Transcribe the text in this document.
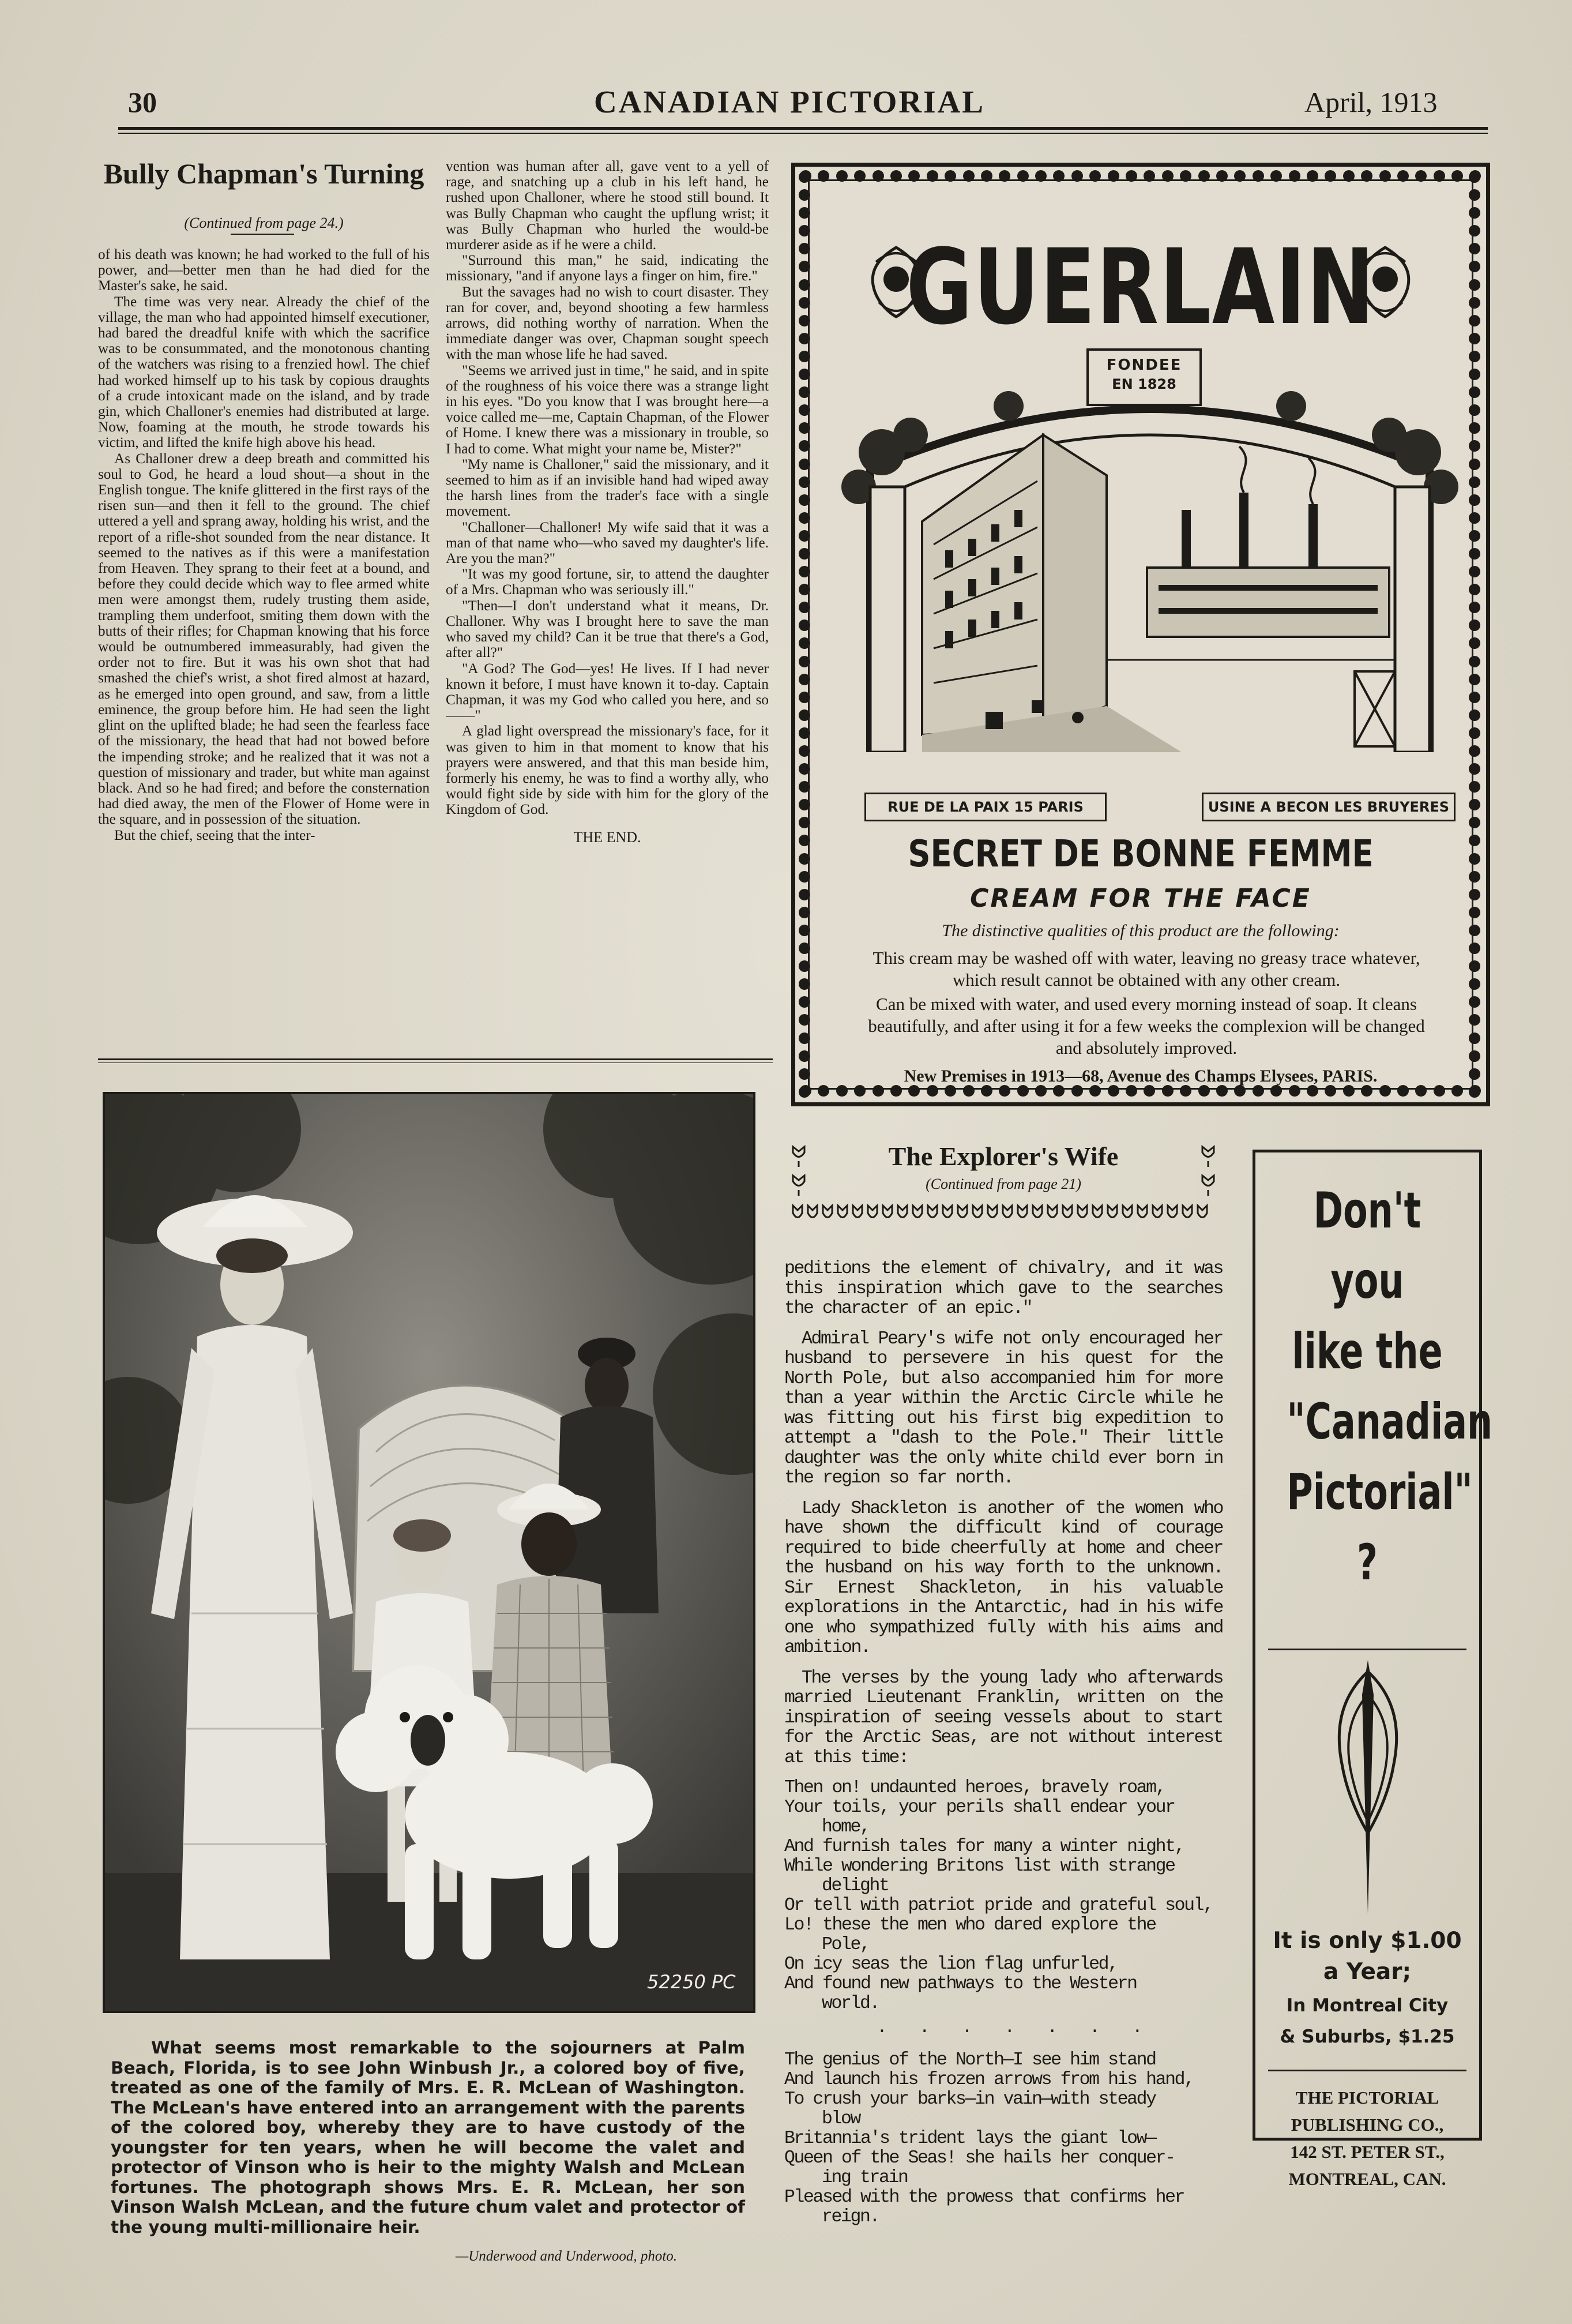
30	CANADIAN PICTORIAL	April, 1913
Bully Chapman's Turning
(Continued from page 24.)

of his death was known; he had worked to the full of his power, and—better men than he had died for the Master's sake, he said.

The time was very near. Already the chief of the village, the man who had appointed himself executioner, had bared the dreadful knife with which the sacrifice was to be consummated, and the monotonous chanting of the watchers was rising to a frenzied howl. The chief had worked himself up to his task by copious draughts of a crude intoxicant made on the island, and by trade gin, which Challoner's enemies had distributed at large. Now, foaming at the mouth, he strode towards his victim, and lifted the knife high above his head.

As Challoner drew a deep breath and committed his soul to God, he heard a loud shout—a shout in the English tongue. The knife glittered in the first rays of the risen sun—and then it fell to the ground. The chief uttered a yell and sprang away, holding his wrist, and the report of a rifle-shot sounded from the near distance. It seemed to the natives as if this were a manifestation from Heaven. They sprang to their feet at a bound, and before they could decide which way to flee armed white men were amongst them, rudely trusting them aside, trampling them underfoot, smiting them down with the butts of their rifles; for Chapman knowing that his force would be outnumbered immeasurably, had given the order not to fire. But it was his own shot that had smashed the chief's wrist, a shot fired almost at hazard, as he emerged into open ground, and saw, from a little eminence, the group before him. He had seen the light glint on the uplifted blade; he had seen the fearless face of the missionary, the head that had not bowed before the impending stroke; and he realized that it was not a question of missionary and trader, but white man against black. And so he had fired; and before the consternation had died away, the men of the Flower of Home were in the square, and in possession of the situation.

But the chief, seeing that the inter-

vention was human after all, gave vent to a yell of rage, and snatching up a club in his left hand, he rushed upon Challoner, where he stood still bound. It was Bully Chapman who caught the upflung wrist; it was Bully Chapman who hurled the would-be murderer aside as if he were a child.

"Surround this man," he said, indicating the missionary, "and if anyone lays a finger on him, fire."

But the savages had no wish to court disaster. They ran for cover, and, beyond shooting a few harmless arrows, did nothing worthy of narration. When the immediate danger was over, Chapman sought speech with the man whose life he had saved.

"Seems we arrived just in time," he said, and in spite of the roughness of his voice there was a strange light in his eyes. "Do you know that I was brought here—a voice called me—me, Captain Chapman, of the Flower of Home. I knew there was a missionary in trouble, so I had to come. What might your name be, Mister?"

"My name is Challoner," said the missionary, and it seemed to him as if an invisible hand had wiped away the harsh lines from the trader's face with a single movement.

"Challoner—Challoner! My wife said that it was a man of that name who—who saved my daughter's life. Are you the man?"

"It was my good fortune, sir, to attend the daughter of a Mrs. Chapman who was seriously ill."

"Then—I don't understand what it means, Dr. Challoner. Why was I brought here to save the man who saved my child? Can it be true that there's a God, after all?"

"A God? The God—yes! He lives. If I had never known it before, I must have known it to-day. Captain Chapman, it was my God who called you here, and so——"

A glad light overspread the missionary's face, for it was given to him in that moment to know that his prayers were answered, and that this man beside him, formerly his enemy, he was to find a worthy ally, who would fight side by side with him for the glory of the Kingdom of God.

THE END.

GUERLAIN
FONDEE
EN 1828
RUE DE LA PAIX 15 PARIS	USINE A BECON LES BRUYERES
SECRET DE BONNE FEMME
CREAM FOR THE FACE
The distinctive qualities of this product are the following:

This cream may be washed off with water, leaving no greasy trace whatever, which result cannot be obtained with any other cream.

Can be mixed with water, and used every morning instead of soap. It cleans beautifully, and after using it for a few weeks the complexion will be changed and absolutely improved.

New Premises in 1913—68, Avenue des Champs Elysees, PARIS.
52250 PC

What seems most remarkable to the sojourners at Palm Beach, Florida, is to see John Winbush Jr., a colored boy of five, treated as one of the family of Mrs. E. R. McLean of Washington. The McLean's have entered into an arrangement with the parents of the colored boy, whereby they are to have custody of the youngster for ten years, when he will become the valet and protector of Vinson who is heir to the mighty Walsh and McLean fortunes. The photograph shows Mrs. E. R. McLean, her son Vinson Walsh McLean, and the future chum valet and protector of the young multi-millionaire heir.

—Underwood and Underwood, photo.
The Explorer's Wife
(Continued from page 21)

peditions the element of chivalry, and it was this inspiration which gave to the searches the character of an epic."

Admiral Peary's wife not only encouraged her husband to persevere in his quest for the North Pole, but also accompanied him for more than a year within the Arctic Circle while he was fitting out his first big expedition to attempt a "dash to the Pole." Their little daughter was the only white child ever born in the region so far north.

Lady Shackleton is another of the women who have shown the difficult kind of courage required to bide cheerfully at home and cheer the husband on his way forth to the unknown. Sir Ernest Shackleton, in his valuable explorations in the Antarctic, had in his wife one who sympathized fully with his aims and ambition.

The verses by the young lady who afterwards married Lieutenant Franklin, written on the inspiration of seeing vessels about to start for the Arctic Seas, are not without interest at this time:

Then on! undaunted heroes, bravely roam,
Your toils, your perils shall endear your
home,
And furnish tales for many a winter night,
While wondering Britons list with strange
delight
Or tell with patriot pride and grateful soul,
Lo! these the men who dared explore the
Pole,
On icy seas the lion flag unfurled,
And found new pathways to the Western
world.
. . . . . . .
The genius of the North—I see him stand
And launch his frozen arrows from his hand,
To crush your barks—in vain—with steady
blow
Britannia's trident lays the giant low—
Queen of the Seas! she hails her conquer-
ing train
Pleased with the prowess that confirms her
reign.
Don't you
like the
"Canadian
Pictorial"
?
It is only $1.00
a Year;
In Montreal City
& Suburbs, $1.25
THE PICTORIAL
PUBLISHING CO.,
142 ST. PETER ST.,
MONTREAL, CAN.
